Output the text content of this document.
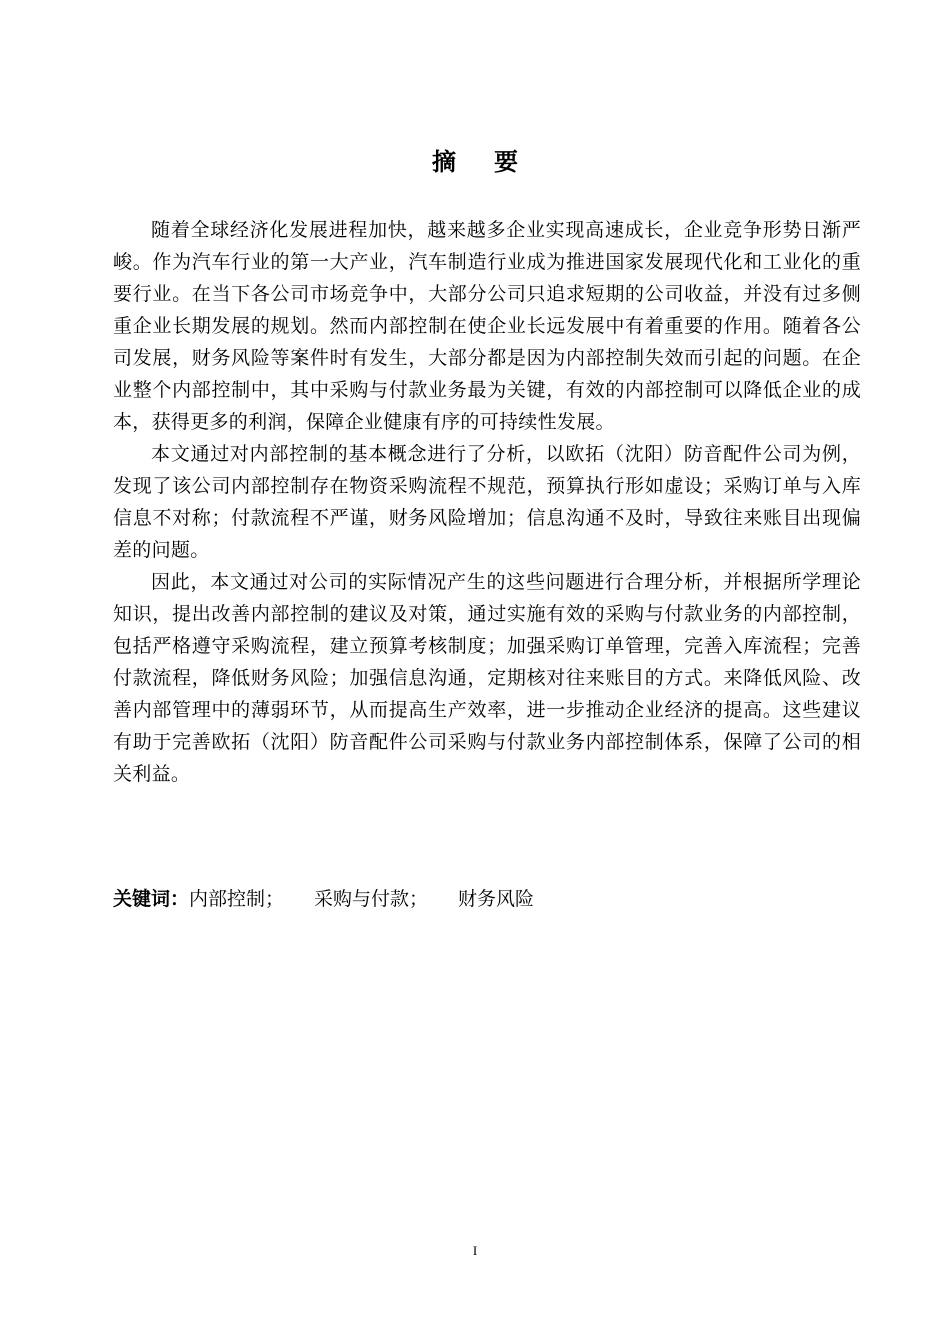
摘要

随着全球经济化发展进程加快，越来越多企业实现高速成长，企业竞争形势日渐严峻。作为汽车行业的第一大产业，汽车制造行业成为推进国家发展现代化和工业化的重要行业。在当下各公司市场竞争中，大部分公司只追求短期的公司收益，并没有过多侧重企业长期发展的规划。然而内部控制在使企业长远发展中有着重要的作用。随着各公司发展，财务风险等案件时有发生，大部分都是因为内部控制失效而引起的问题。在企业整个内部控制中，其中采购与付款业务最为关键，有效的内部控制可以降低企业的成本，获得更多的利润，保障企业健康有序的可持续性发展。

本文通过对内部控制的基本概念进行了分析，以欧拓（沈阳）防音配件公司为例，发现了该公司内部控制存在物资采购流程不规范，预算执行形如虚设；采购订单与入库信息不对称；付款流程不严谨，财务风险增加；信息沟通不及时，导致往来账目出现偏差的问题。

因此，本文通过对公司的实际情况产生的这些问题进行合理分析，并根据所学理论知识，提出改善内部控制的建议及对策，通过实施有效的采购与付款业务的内部控制，包括严格遵守采购流程，建立预算考核制度；加强采购订单管理，完善入库流程；完善付款流程，降低财务风险；加强信息沟通，定期核对往来账目的方式。来降低风险、改善内部管理中的薄弱环节，从而提高生产效率，进一步推动企业经济的提高。这些建议有助于完善欧拓（沈阳）防音配件公司采购与付款业务内部控制体系，保障了公司的相关利益。

关键词：内部控制； 采购与付款； 财务风险
I
